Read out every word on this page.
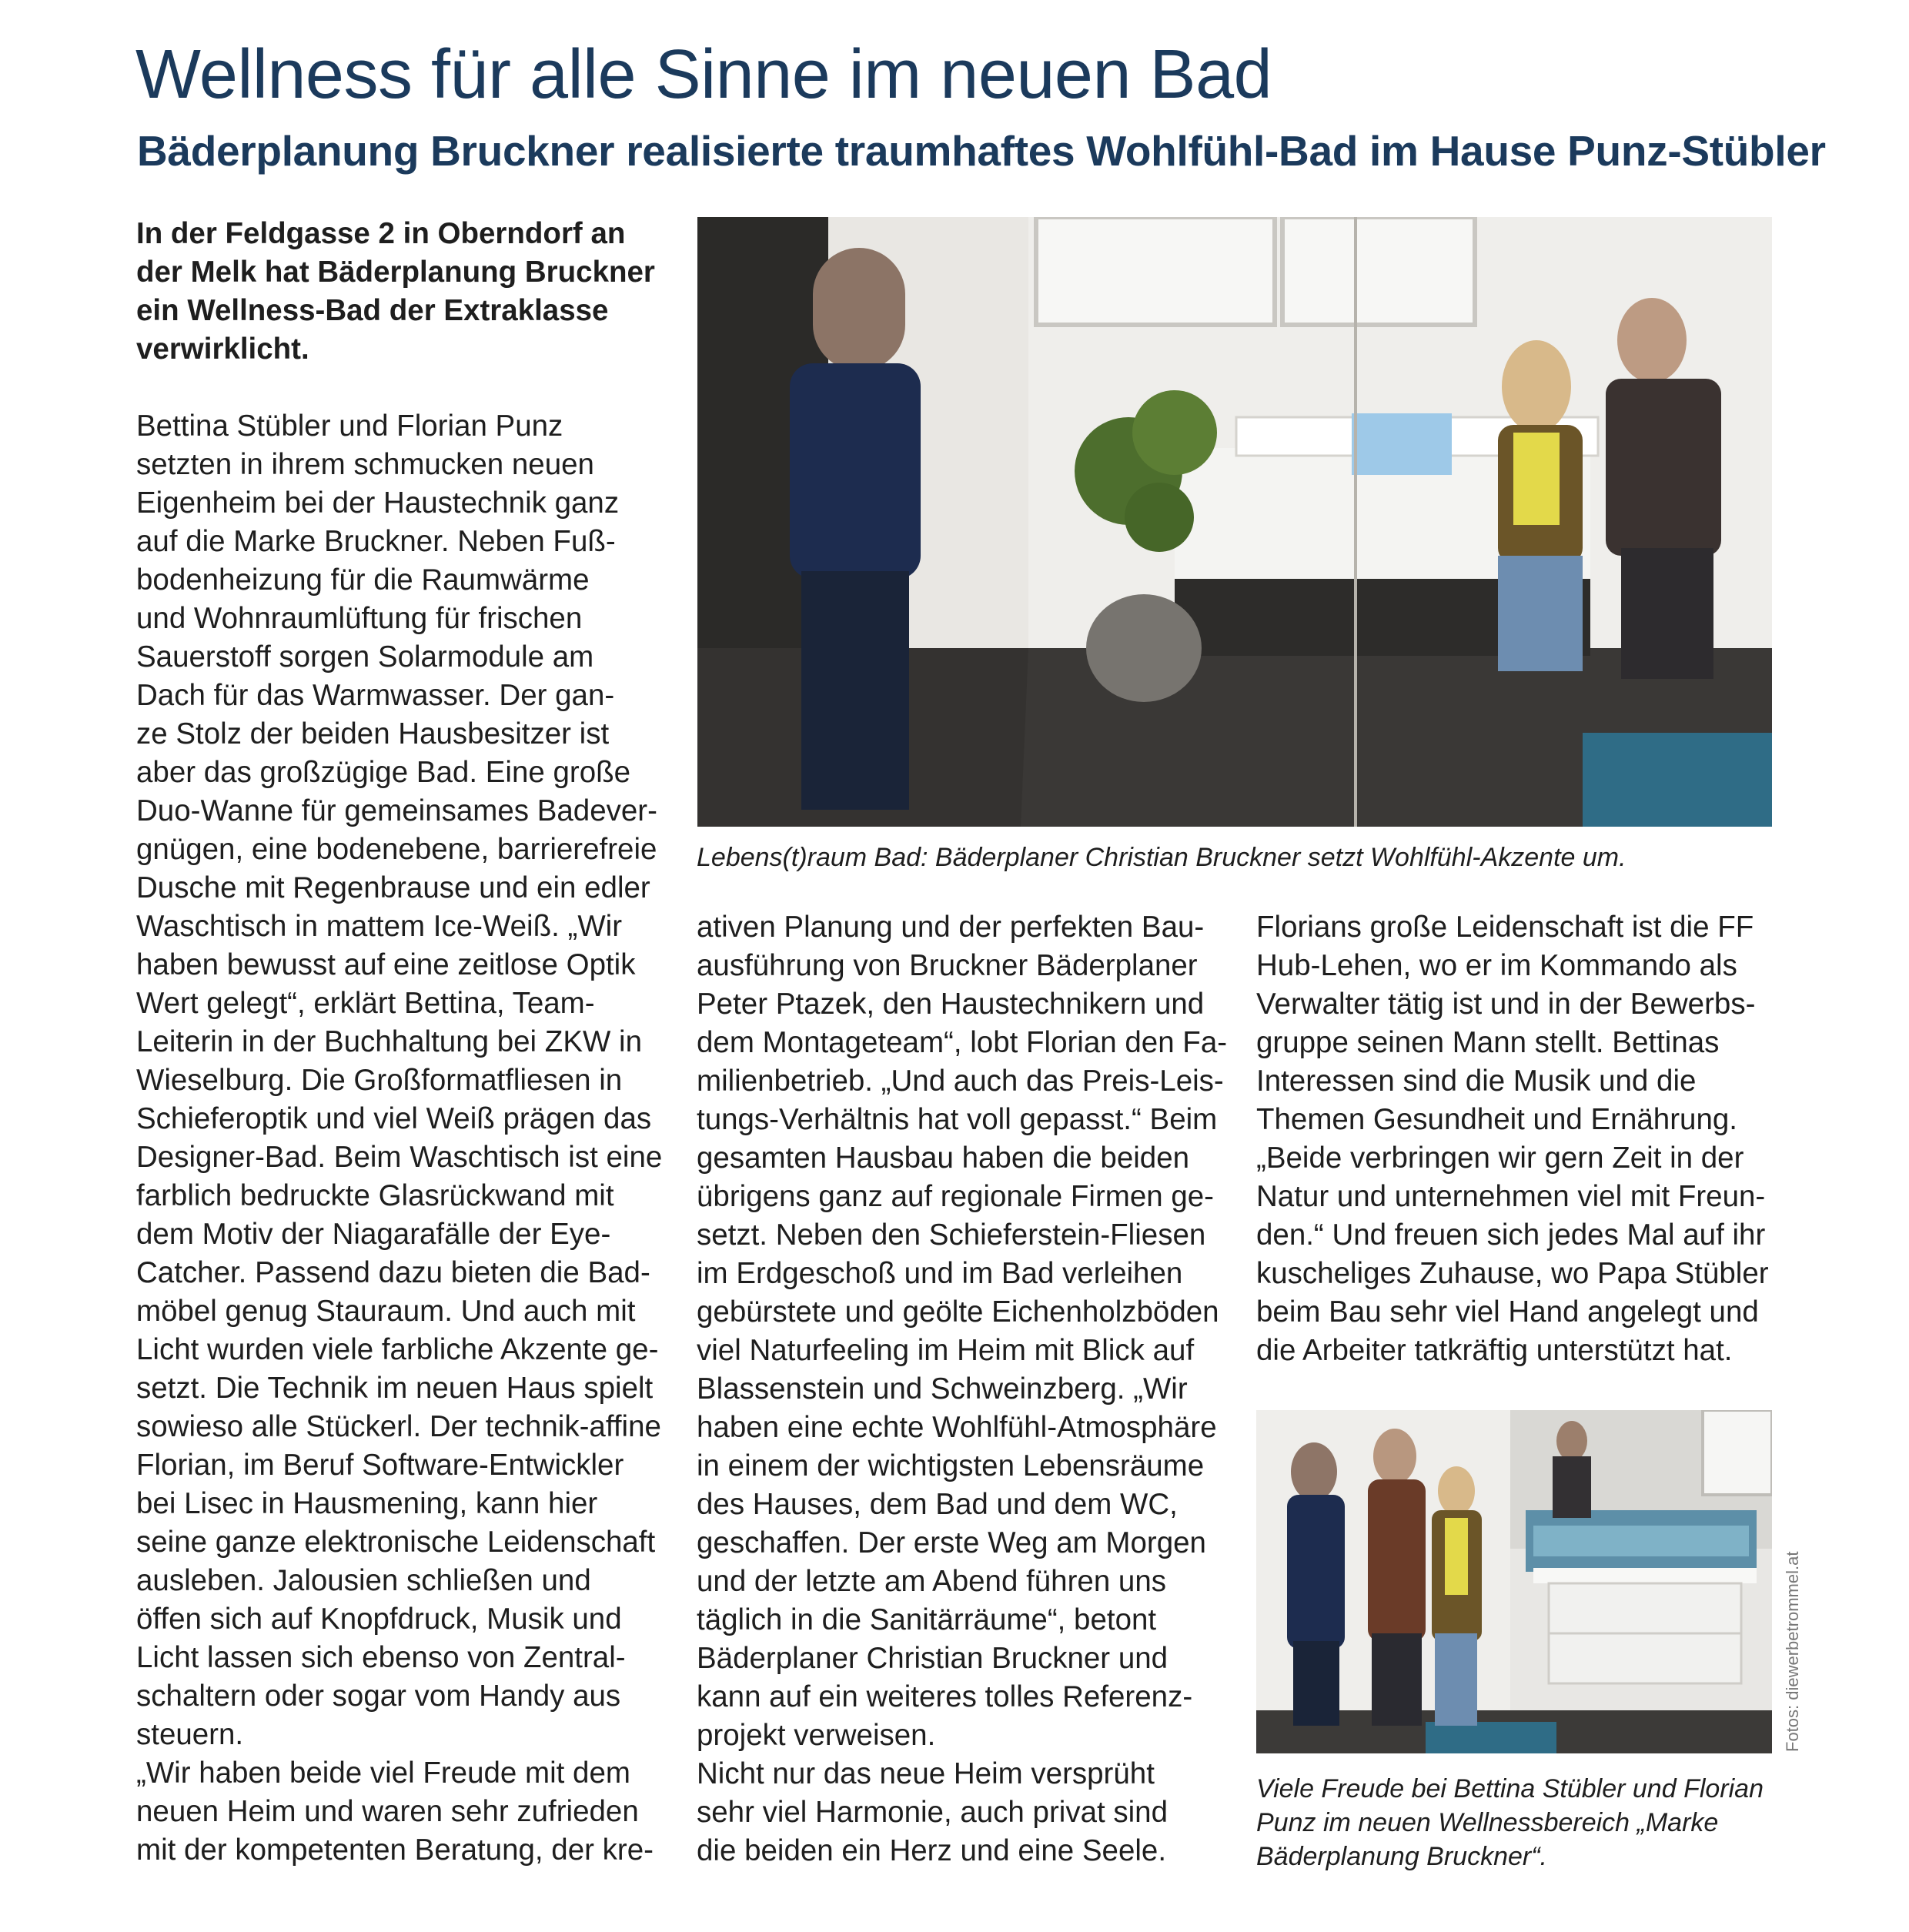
Wellness für alle Sinne im neuen Bad
Bäderplanung Bruckner realisierte traumhaftes Wohlfühl-Bad im Hause Punz-Stübler
In der Feldgasse 2 in Oberndorf an
der Melk hat Bäderplanung Bruckner
ein Wellness-Bad der Extraklasse
verwirklicht.
Bettina Stübler und Florian Punz
setzten in ihrem schmucken neuen
Eigenheim bei der Haustechnik ganz
auf die Marke Bruckner. Neben Fuß-
bodenheizung für die Raumwärme
und Wohnraumlüftung für frischen
Sauerstoff sorgen Solarmodule am
Dach für das Warmwasser. Der gan-
ze Stolz der beiden Hausbesitzer ist
aber das großzügige Bad. Eine große
Duo-Wanne für gemeinsames Badever-
gnügen, eine bodenebene, barrierefreie
Dusche mit Regenbrause und ein edler
Waschtisch in mattem Ice-Weiß. „Wir
haben bewusst auf eine zeitlose Optik
Wert gelegt“, erklärt Bettina, Team-
Leiterin in der Buchhaltung bei ZKW in
Wieselburg. Die Großformatfliesen in
Schieferoptik und viel Weiß prägen das
Designer-Bad. Beim Waschtisch ist eine
farblich bedruckte Glasrückwand mit
dem Motiv der Niagarafälle der Eye-
Catcher. Passend dazu bieten die Bad-
möbel genug Stauraum. Und auch mit
Licht wurden viele farbliche Akzente ge-
setzt. Die Technik im neuen Haus spielt
sowieso alle Stückerl. Der technik-affine
Florian, im Beruf Software-Entwickler
bei Lisec in Hausmening, kann hier
seine ganze elektronische Leidenschaft
ausleben. Jalousien schließen und
öffen sich auf Knopfdruck, Musik und
Licht lassen sich ebenso von Zentral-
schaltern oder sogar vom Handy aus
steuern.
„Wir haben beide viel Freude mit dem
neuen Heim und waren sehr zufrieden
mit der kompetenten Beratung, der kre-
Lebens(t)raum Bad: Bäderplaner Christian Bruckner setzt Wohlfühl-Akzente um.
ativen Planung und der perfekten Bau-
ausführung von Bruckner Bäderplaner
Peter Ptazek, den Haustechnikern und
dem Montageteam“, lobt Florian den Fa-
milienbetrieb. „Und auch das Preis-Leis-
tungs-Verhältnis hat voll gepasst.“ Beim
gesamten Hausbau haben die beiden
übrigens ganz auf regionale Firmen ge-
setzt. Neben den Schieferstein-Fliesen
im Erdgeschoß und im Bad verleihen
gebürstete und geölte Eichenholzböden
viel Naturfeeling im Heim mit Blick auf
Blassenstein und Schweinzberg. „Wir
haben eine echte Wohlfühl-Atmosphäre
in einem der wichtigsten Lebensräume
des Hauses, dem Bad und dem WC,
geschaffen. Der erste Weg am Morgen
und der letzte am Abend führen uns
täglich in die Sanitärräume“, betont
Bäderplaner Christian Bruckner und
kann auf ein weiteres tolles Referenz-
projekt verweisen.
Nicht nur das neue Heim versprüht
sehr viel Harmonie, auch privat sind
die beiden ein Herz und eine Seele.
Florians große Leidenschaft ist die FF
Hub-Lehen, wo er im Kommando als
Verwalter tätig ist und in der Bewerbs-
gruppe seinen Mann stellt. Bettinas
Interessen sind die Musik und die
Themen Gesundheit und Ernährung.
„Beide verbringen wir gern Zeit in der
Natur und unternehmen viel mit Freun-
den.“ Und freuen sich jedes Mal auf ihr
kuscheliges Zuhause, wo Papa Stübler
beim Bau sehr viel Hand angelegt und
die Arbeiter tatkräftig unterstützt hat.
Fotos: diewerbetrommel.at
Viele Freude bei Bettina Stübler und Florian
Punz im neuen Wellnessbereich „Marke
Bäderplanung Bruckner“.
